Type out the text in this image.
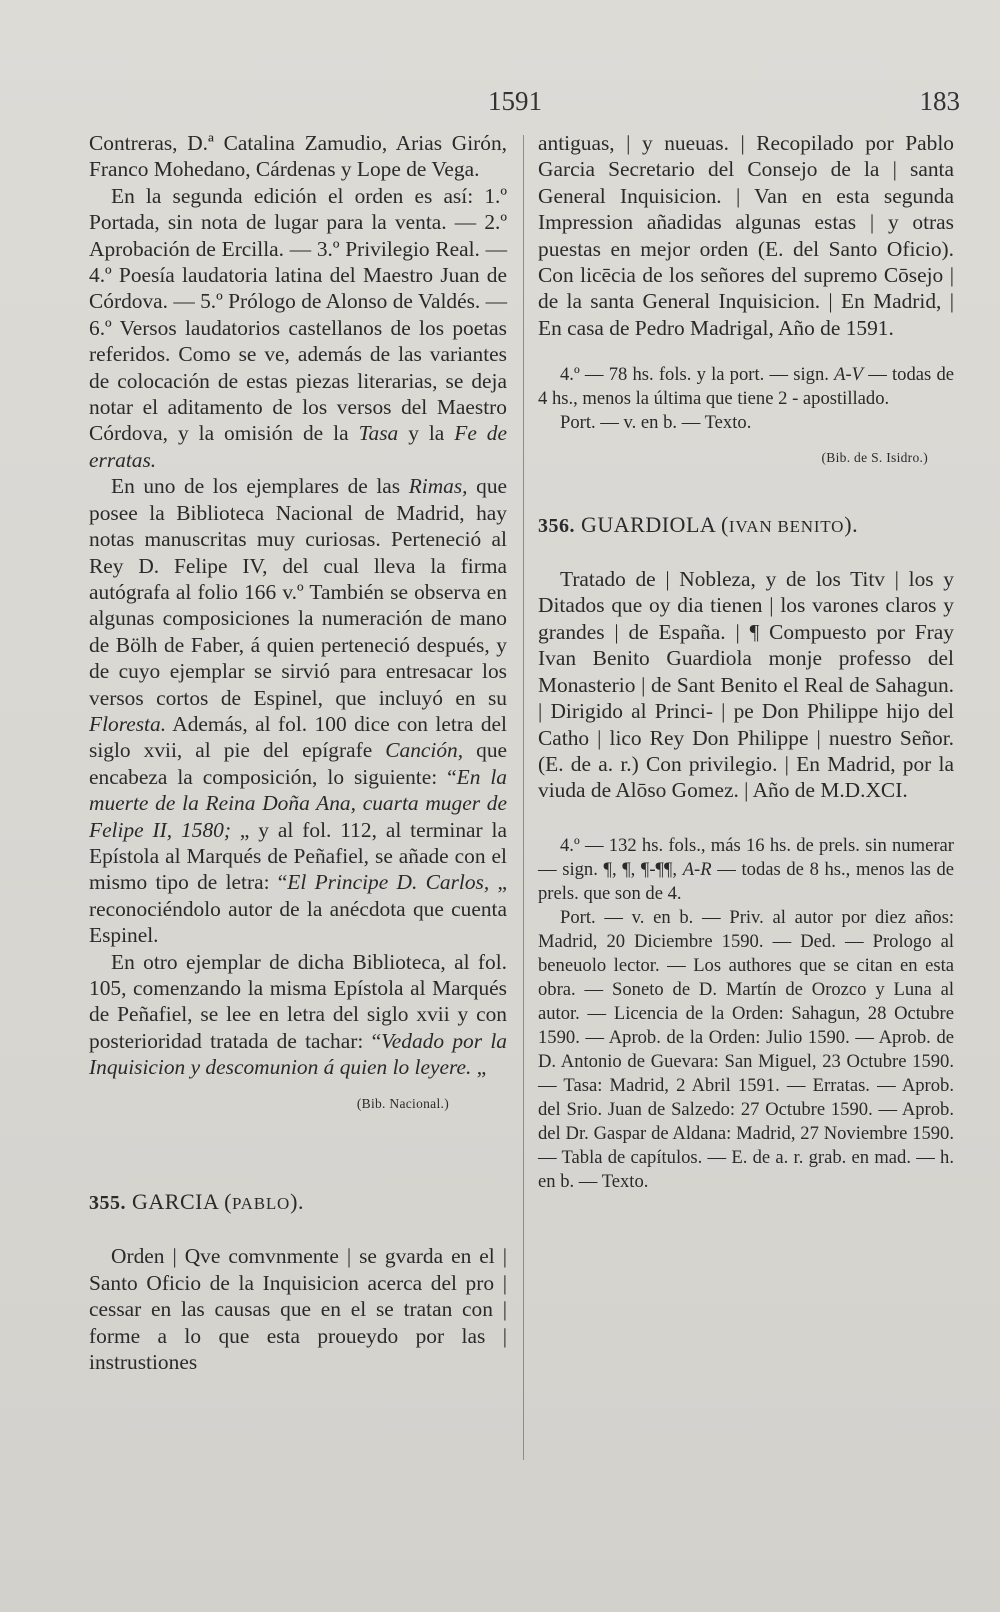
1591	183

Contreras, D.ª Catalina Zamudio, Arias Girón, Franco Mohedano, Cárdenas y Lope de Vega.

En la segunda edición el orden es así: 1.º Portada, sin nota de lugar para la venta. — 2.º Aprobación de Ercilla. — 3.º Privilegio Real. — 4.º Poesía laudatoria latina del Maestro Juan de Córdova. — 5.º Prólogo de Alonso de Valdés. — 6.º Versos laudatorios castellanos de los poetas referidos. Como se ve, además de las variantes de colocación de estas piezas literarias, se deja notar el aditamento de los versos del Maestro Córdova, y la omisión de la Tasa y la Fe de erratas.

En uno de los ejemplares de las Rimas, que posee la Biblioteca Nacional de Madrid, hay notas manuscritas muy curiosas. Perteneció al Rey D. Felipe IV, del cual lleva la firma autógrafa al folio 166 v.º También se observa en algunas composiciones la numeración de mano de Bölh de Faber, á quien perteneció después, y de cuyo ejemplar se sirvió para entresacar los versos cortos de Espinel, que incluyó en su Floresta. Además, al fol. 100 dice con letra del siglo xvii, al pie del epígrafe Canción, que encabeza la composición, lo siguiente: “En la muerte de la Reina Doña Ana, cuarta muger de Felipe II, 1580; „ y al fol. 112, al terminar la Epístola al Marqués de Peñafiel, se añade con el mismo tipo de letra: “El Principe D. Carlos, „ reconociéndolo autor de la anécdota que cuenta Espinel.

En otro ejemplar de dicha Biblioteca, al fol. 105, comenzando la misma Epístola al Marqués de Peñafiel, se lee en letra del siglo xvii y con posterioridad tratada de tachar: “Vedado por la Inquisicion y descomunion á quien lo leyere. „

(Bib. Nacional.)
355. GARCIA (PABLO).

Orden | Qve comvnmente | se gvarda en el | Santo Oficio de la Inquisicion acerca del pro | cessar en las causas que en el se tratan con | forme a lo que esta proueydo por las | instrustiones

antiguas, | y nueuas. | Recopilado por Pablo Garcia Secretario del Consejo de la | santa General Inquisicion. | Van en esta segunda Impression añadidas algunas estas | y otras puestas en mejor orden (E. del Santo Oficio). Con licēcia de los señores del supremo Cōsejo | de la santa General Inquisicion. | En Madrid, | En casa de Pedro Madrigal, Año de 1591.

4.º — 78 hs. fols. y la port. — sign. A-V — todas de 4 hs., menos la última que tiene 2 - apostillado.

Port. — v. en b. — Texto.

(Bib. de S. Isidro.)
356. GUARDIOLA (IVAN BENITO).

Tratado de | Nobleza, y de los Titv | los y Ditados que oy dia tienen | los varones claros y grandes | de España. | ¶ Compuesto por Fray Ivan Benito Guardiola monje professo del Monasterio | de Sant Benito el Real de Sahagun. | Dirigido al Princi- | pe Don Philippe hijo del Catho | lico Rey Don Philippe | nuestro Señor. (E. de a. r.) Con privilegio. | En Madrid, por la viuda de Alōso Gomez. | Año de M.D.XCI.

4.º — 132 hs. fols., más 16 hs. de prels. sin numerar — sign. ¶, ¶, ¶-¶¶, A-R — todas de 8 hs., menos las de prels. que son de 4.

Port. — v. en b. — Priv. al autor por diez años: Madrid, 20 Diciembre 1590. — Ded. — Prologo al beneuolo lector. — Los authores que se citan en esta obra. — Soneto de D. Martín de Orozco y Luna al autor. — Licencia de la Orden: Sahagun, 28 Octubre 1590. — Aprob. de la Orden: Julio 1590. — Aprob. de D. Antonio de Guevara: San Miguel, 23 Octubre 1590. — Tasa: Madrid, 2 Abril 1591. — Erratas. — Aprob. del Srio. Juan de Salzedo: 27 Octubre 1590. — Aprob. del Dr. Gaspar de Aldana: Madrid, 27 Noviembre 1590. — Tabla de capítulos. — E. de a. r. grab. en mad. — h. en b. — Texto.
